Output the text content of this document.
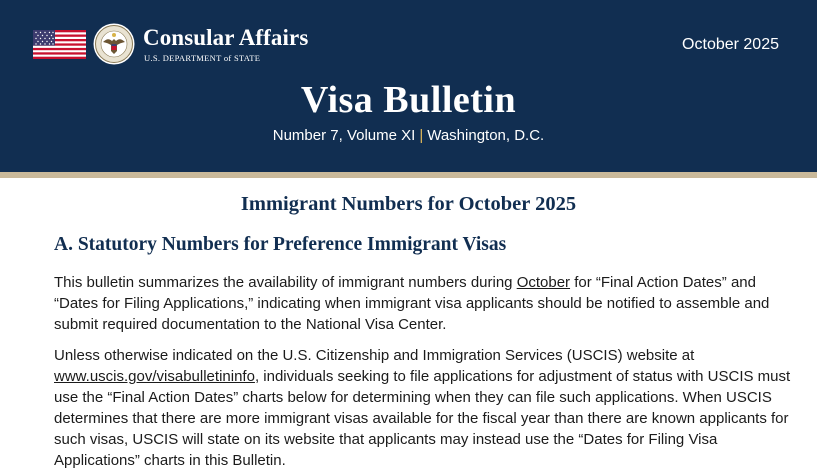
Consular Affairs
U.S. DEPARTMENT of STATE
October 2025
Visa Bulletin
Number 7, Volume XI | Washington, D.C.
Immigrant Numbers for October 2025
A. Statutory Numbers for Preference Immigrant Visas

This bulletin summarizes the availability of immigrant numbers during October for “Final Action Dates” and “Dates for Filing Applications,” indicating when immigrant visa applicants should be notified to assemble and submit required documentation to the National Visa Center.

Unless otherwise indicated on the U.S. Citizenship and Immigration Services (USCIS) website at www.uscis.gov/visabulletininfo, individuals seeking to file applications for adjustment of status with USCIS must use the “Final Action Dates” charts below for determining when they can file such applications. When USCIS determines that there are more immigrant visas available for the fiscal year than there are known applicants for such visas, USCIS will state on its website that applicants may instead use the “Dates for Filing Visa Applications” charts in this Bulletin.
